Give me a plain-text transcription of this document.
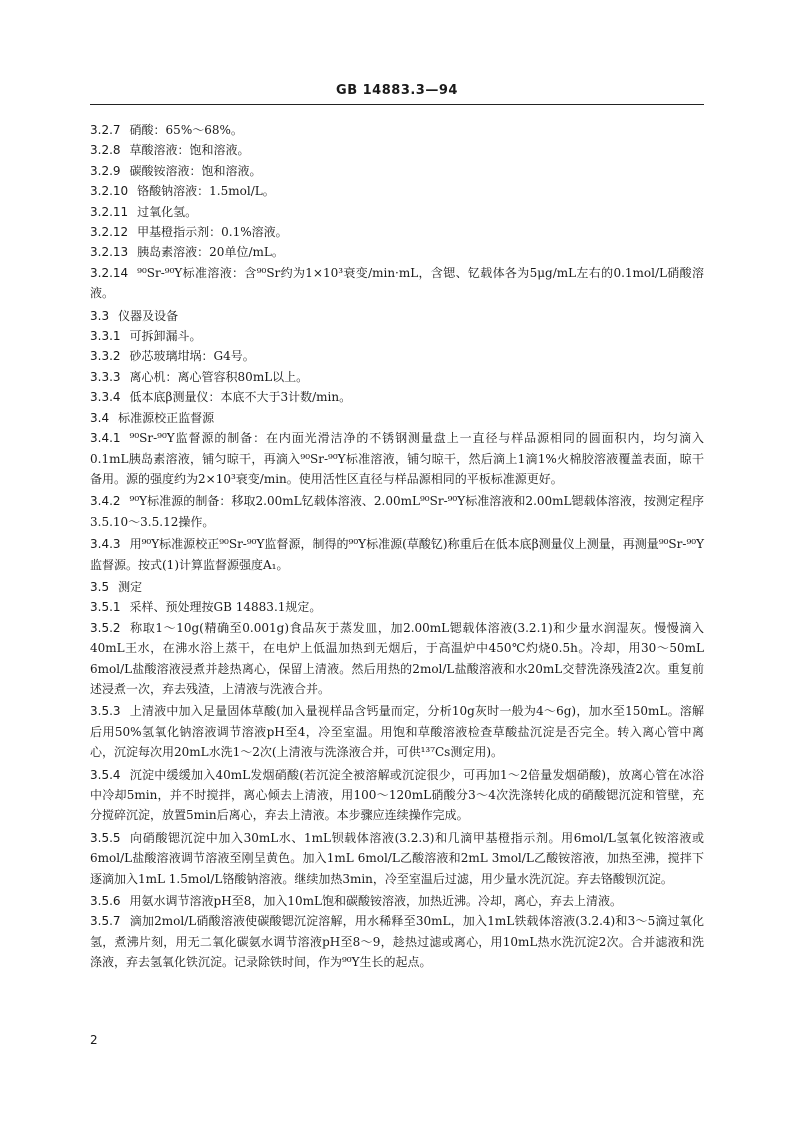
GB 14883.3—94

3.2.7 硝酸：65%～68%。

3.2.8 草酸溶液：饱和溶液。

3.2.9 碳酸铵溶液：饱和溶液。

3.2.10 铬酸钠溶液：1.5mol/L。

3.2.11 过氧化氢。

3.2.12 甲基橙指示剂：0.1%溶液。

3.2.13 胰岛素溶液：20单位/mL。

3.2.14 ⁹⁰Sr-⁹⁰Y标准溶液：含⁹⁰Sr约为1×10³衰变/min·mL，含锶、钇载体各为5μg/mL左右的0.1mol/L硝酸溶液。

3.3 仪器及设备

3.3.1 可拆卸漏斗。

3.3.2 砂芯玻璃坩埚：G4号。

3.3.3 离心机：离心管容积80mL以上。

3.3.4 低本底β测量仪：本底不大于3计数/min。

3.4 标准源校正监督源

3.4.1 ⁹⁰Sr-⁹⁰Y监督源的制备：在内面光滑洁净的不锈钢测量盘上一直径与样品源相同的圆面积内，均匀滴入0.1mL胰岛素溶液，铺匀晾干，再滴入⁹⁰Sr-⁹⁰Y标准溶液，铺匀晾干，然后滴上1滴1%火棉胶溶液覆盖表面，晾干备用。源的强度约为2×10³衰变/min。使用活性区直径与样品源相同的平板标准源更好。

3.4.2 ⁹⁰Y标准源的制备：移取2.00mL钇载体溶液、2.00mL⁹⁰Sr-⁹⁰Y标准溶液和2.00mL锶载体溶液，按测定程序3.5.10～3.5.12操作。

3.4.3 用⁹⁰Y标准源校正⁹⁰Sr-⁹⁰Y监督源，制得的⁹⁰Y标准源(草酸钇)称重后在低本底β测量仪上测量，再测量⁹⁰Sr-⁹⁰Y监督源。按式(1)计算监督源强度A₁。

3.5 测定

3.5.1 采样、预处理按GB 14883.1规定。

3.5.2 称取1～10g(精确至0.001g)食品灰于蒸发皿，加2.00mL锶载体溶液(3.2.1)和少量水润湿灰。慢慢滴入40mL王水，在沸水浴上蒸干，在电炉上低温加热到无烟后，于高温炉中450℃灼烧0.5h。冷却，用30～50mL 6mol/L盐酸溶液浸煮并趁热离心，保留上清液。然后用热的2mol/L盐酸溶液和水20mL交替洗涤残渣2次。重复前述浸煮一次，弃去残渣，上清液与洗液合并。

3.5.3 上清液中加入足量固体草酸(加入量视样品含钙量而定，分析10g灰时一般为4～6g)，加水至150mL。溶解后用50%氢氧化钠溶液调节溶液pH至4，冷至室温。用饱和草酸溶液检查草酸盐沉淀是否完全。转入离心管中离心，沉淀每次用20mL水洗1～2次(上清液与洗涤液合并，可供¹³⁷Cs测定用)。

3.5.4 沉淀中缓缓加入40mL发烟硝酸(若沉淀全被溶解或沉淀很少，可再加1～2倍量发烟硝酸)，放离心管在冰浴中冷却5min，并不时搅拌，离心倾去上清液，用100～120mL硝酸分3～4次洗涤转化成的硝酸锶沉淀和管壁，充分搅碎沉淀，放置5min后离心，弃去上清液。本步骤应连续操作完成。

3.5.5 向硝酸锶沉淀中加入30mL水、1mL钡载体溶液(3.2.3)和几滴甲基橙指示剂。用6mol/L氢氧化铵溶液或6mol/L盐酸溶液调节溶液至刚呈黄色。加入1mL 6mol/L乙酸溶液和2mL 3mol/L乙酸铵溶液，加热至沸，搅拌下逐滴加入1mL 1.5mol/L铬酸钠溶液。继续加热3min，冷至室温后过滤，用少量水洗沉淀。弃去铬酸钡沉淀。

3.5.6 用氨水调节溶液pH至8，加入10mL饱和碳酸铵溶液，加热近沸。冷却，离心，弃去上清液。

3.5.7 滴加2mol/L硝酸溶液使碳酸锶沉淀溶解，用水稀释至30mL，加入1mL铁载体溶液(3.2.4)和3～5滴过氧化氢，煮沸片刻，用无二氧化碳氨水调节溶液pH至8～9，趁热过滤或离心，用10mL热水洗沉淀2次。合并滤液和洗涤液，弃去氢氧化铁沉淀。记录除铁时间，作为⁹⁰Y生长的起点。

2
